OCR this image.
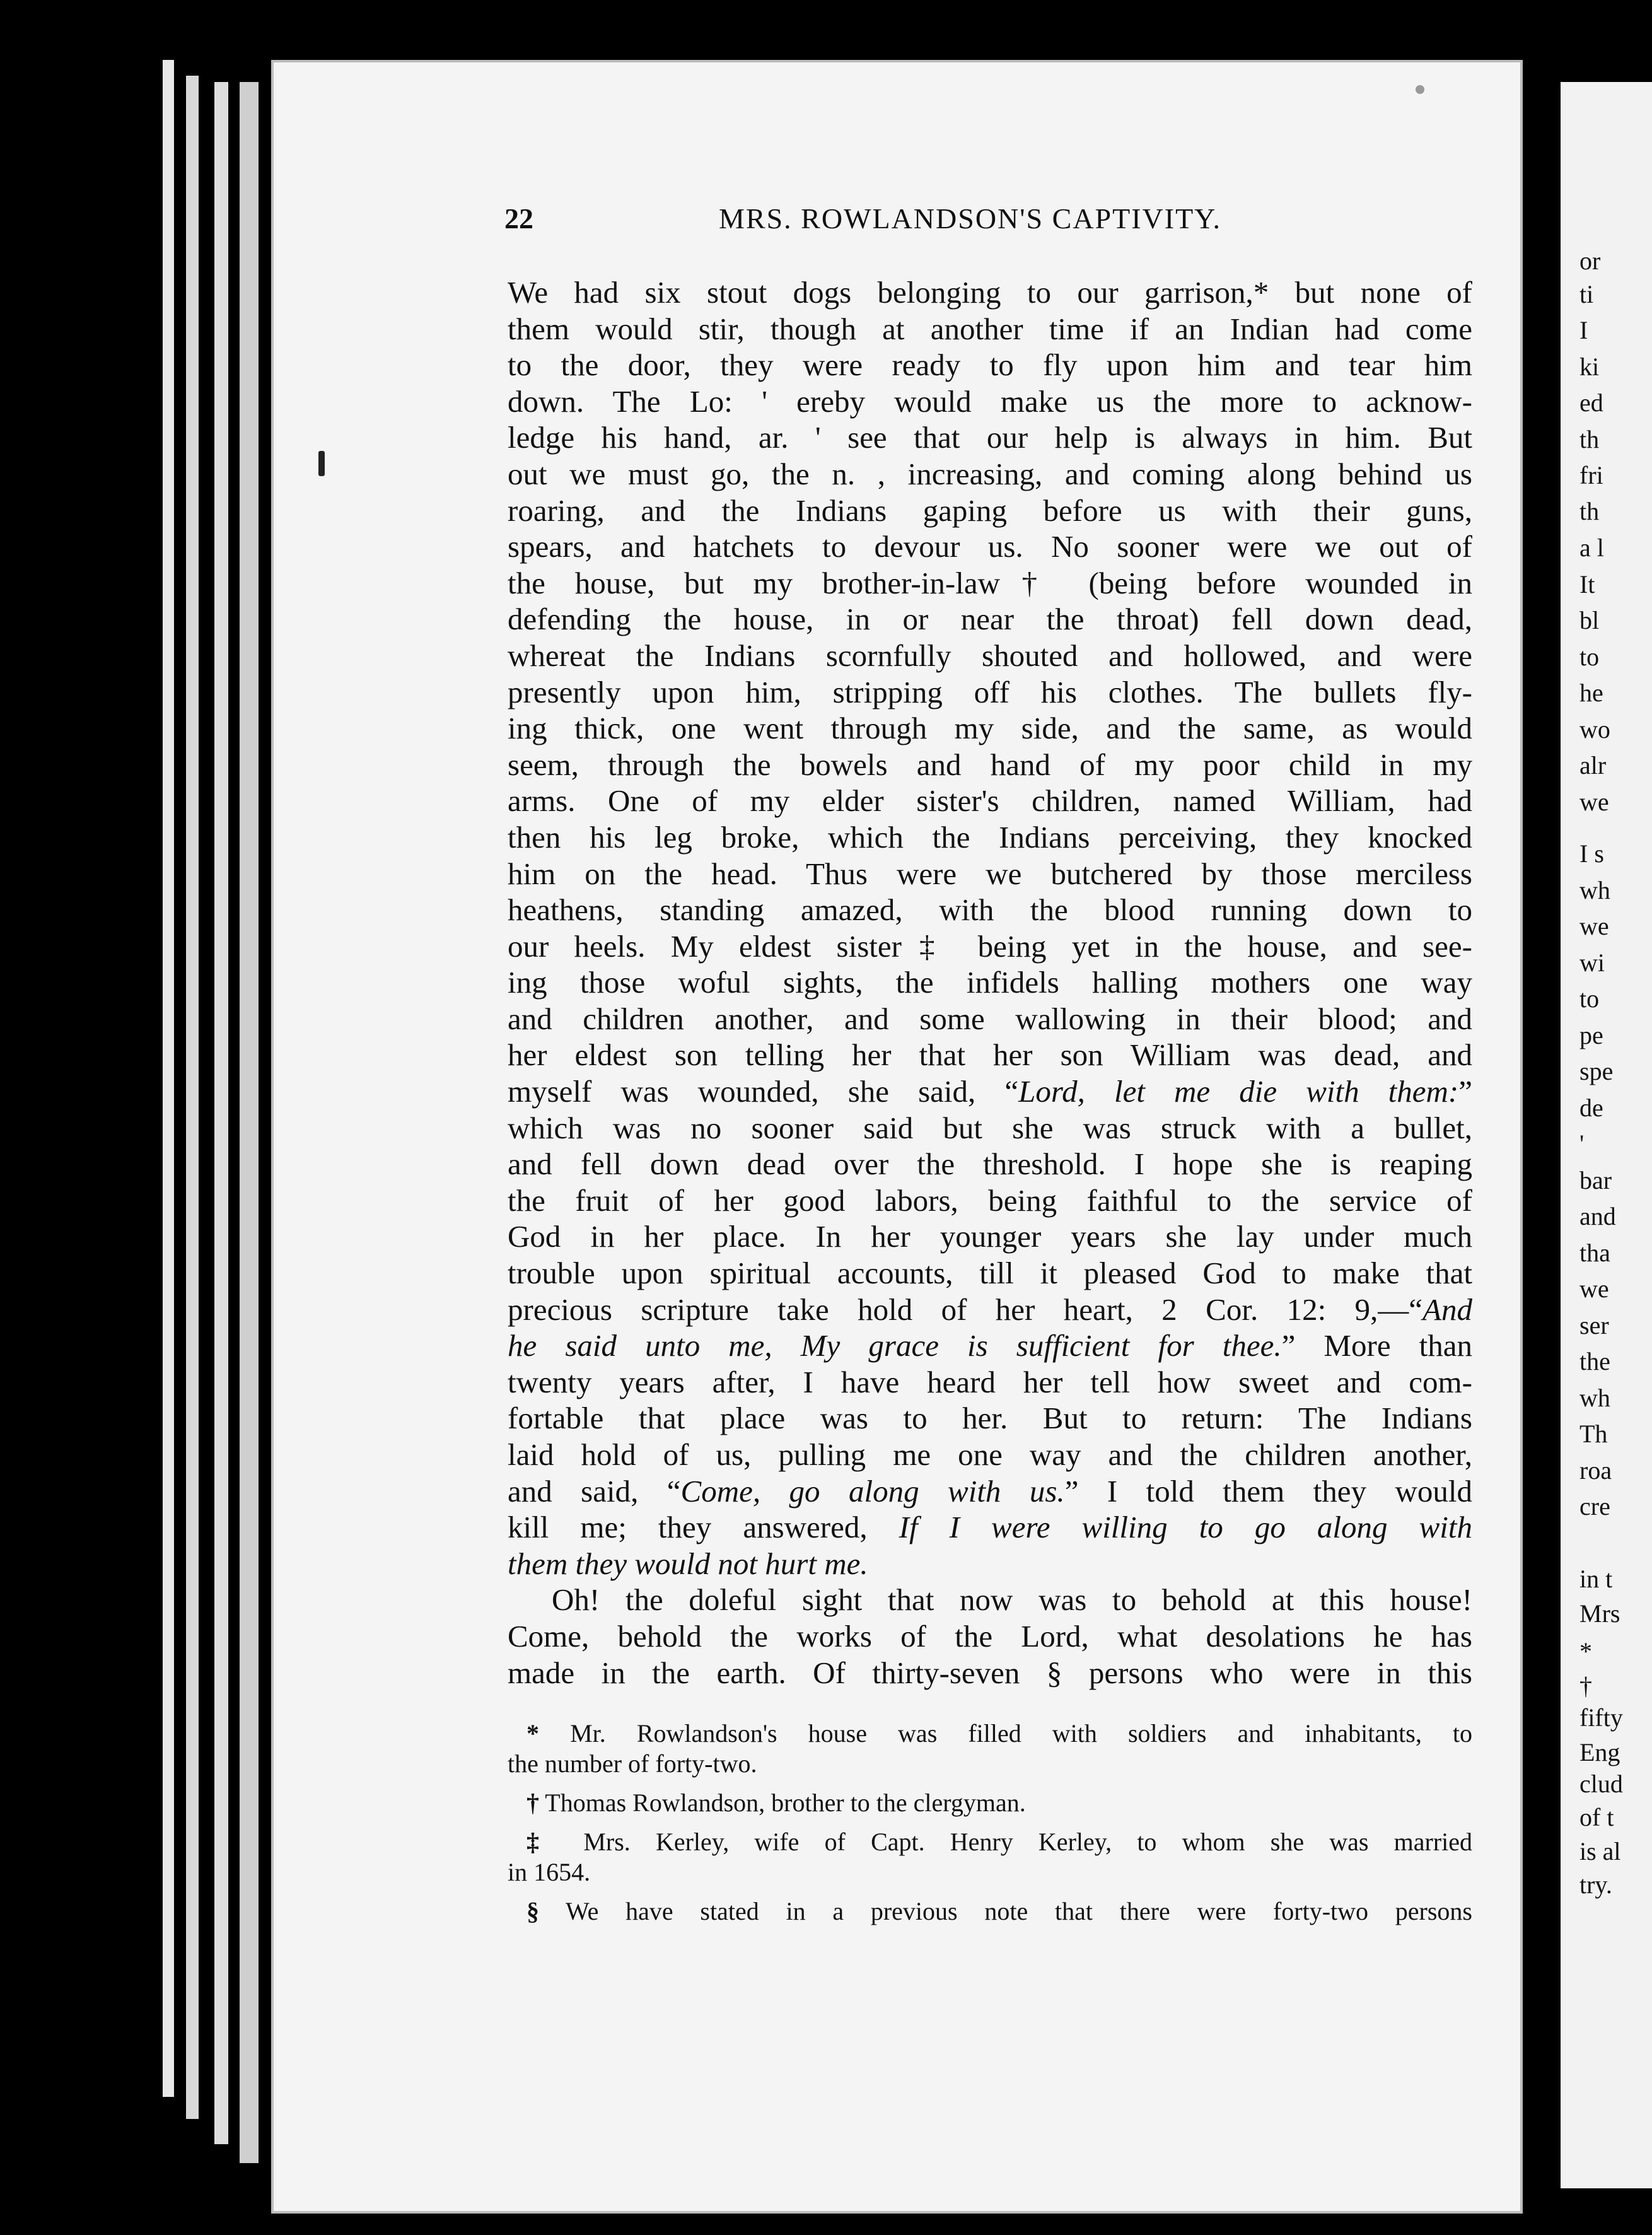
or
ti
I
ki
ed
th
fri
th
a l
It
bl
to
he
wo
alr
we
I s
wh
we
wi
to
pe
spe
de
'
bar
and
tha
we
ser
the
wh
Th
roa
cre
in t
Mrs
*
†
fifty
Eng
clud
of t
is al
try.
22	MRS. ROWLANDSON'S CAPTIVITY.
We had six stout dogs belonging to our garrison,* but none of
them would stir, though at another time if an Indian had come
to the door, they were ready to fly upon him and tear him
down. The Lo: ' ereby would make us the more to acknow-
ledge his hand, ar. ' see that our help is always in him. But
out we must go, the n. , increasing, and coming along behind us
roaring, and the Indians gaping before us with their guns,
spears, and hatchets to devour us. No sooner were we out of
the house, but my brother-in-law† (being before wounded in
defending the house, in or near the throat) fell down dead,
whereat the Indians scornfully shouted and hollowed, and were
presently upon him, stripping off his clothes. The bullets fly-
ing thick, one went through my side, and the same, as would
seem, through the bowels and hand of my poor child in my
arms. One of my elder sister's children, named William, had
then his leg broke, which the Indians perceiving, they knocked
him on the head. Thus were we butchered by those merciless
heathens, standing amazed, with the blood running down to
our heels. My eldest sister‡ being yet in the house, and see-
ing those woful sights, the infidels halling mothers one way
and children another, and some wallowing in their blood; and
her eldest son telling her that her son William was dead, and
myself was wounded, she said, “Lord, let me die with them:”
which was no sooner said but she was struck with a bullet,
and fell down dead over the threshold. I hope she is reaping
the fruit of her good labors, being faithful to the service of
God in her place. In her younger years she lay under much
trouble upon spiritual accounts, till it pleased God to make that
precious scripture take hold of her heart, 2 Cor. 12: 9,—“And
he said unto me, My grace is sufficient for thee.” More than
twenty years after, I have heard her tell how sweet and com-
fortable that place was to her. But to return: The Indians
laid hold of us, pulling me one way and the children another,
and said, “Come, go along with us.” I told them they would
kill me; they answered, If I were willing to go along with
them they would not hurt me.
Oh! the doleful sight that now was to behold at this house!
Come, behold the works of the Lord, what desolations he has
made in the earth. Of thirty-seven § persons who were in this
* Mr. Rowlandson's house was filled with soldiers and inhabitants, to
the number of forty-two.
† Thomas Rowlandson, brother to the clergyman.
‡ Mrs. Kerley, wife of Capt. Henry Kerley, to whom she was married
in 1654.
§ We have stated in a previous note that there were forty-two persons
